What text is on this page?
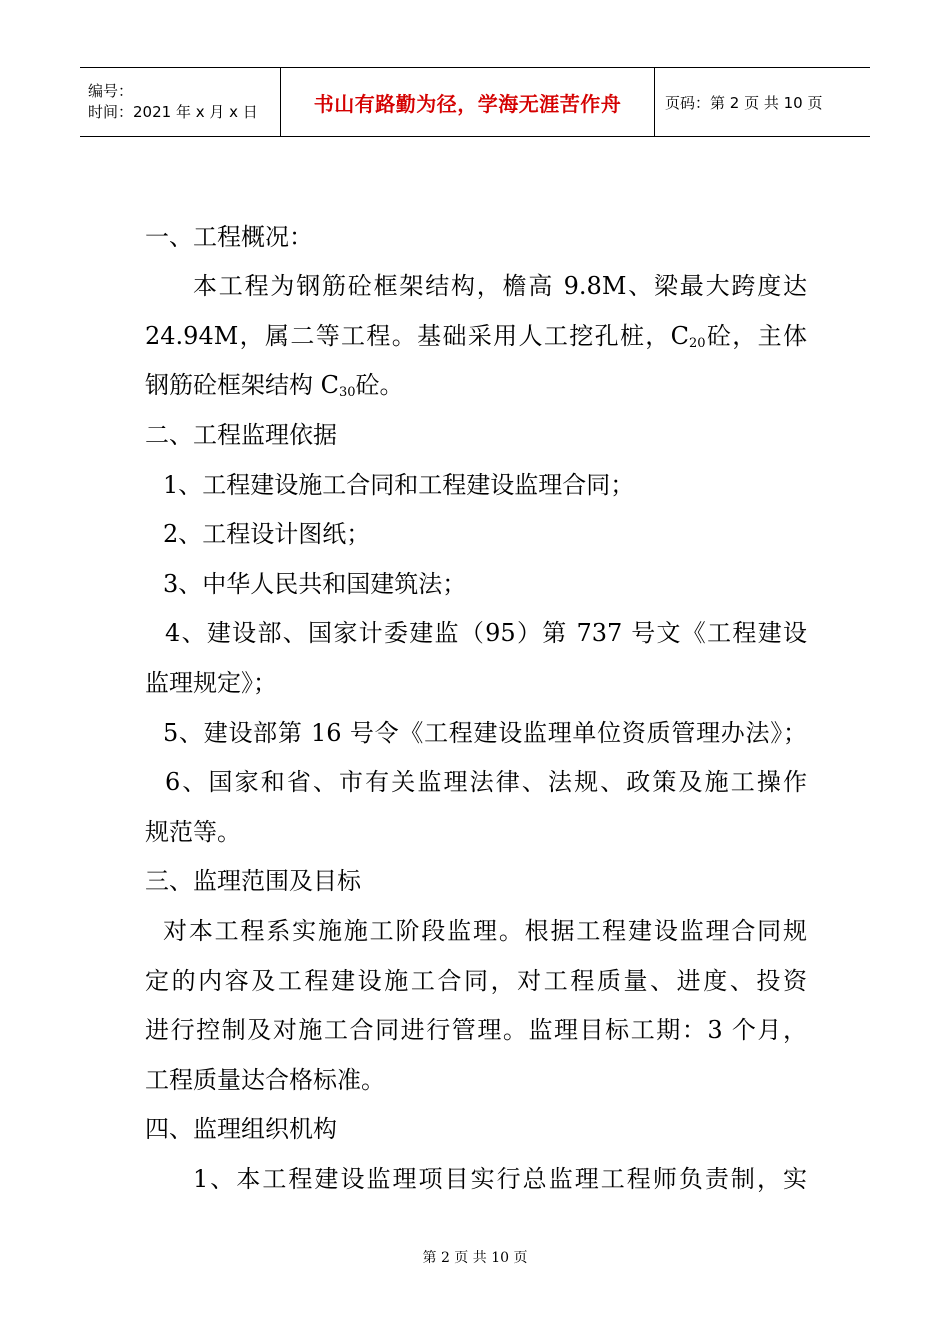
编号：
时间：2021 年 x 月 x 日	书山有路勤为径，学海无涯苦作舟	页码：第 2 页 共 10 页
一、工程概况：
本工程为钢筋砼框架结构，檐高 9.8M、梁最大跨度达
24.94M，属二等工程。基础采用人工挖孔桩，$C_{20}$砼，主体
钢筋砼框架结构 $C_{30}$砼。
二、工程监理依据
1、工程建设施工合同和工程建设监理合同；
2、工程设计图纸；
3、中华人民共和国建筑法；
4、建设部、国家计委建监（95）第 737 号文《工程建设
监理规定》；
5、建设部第 16 号令《工程建设监理单位资质管理办法》；
6、国家和省、市有关监理法律、法规、政策及施工操作
规范等。
三、监理范围及目标
对本工程系实施施工阶段监理。根据工程建设监理合同规
定的内容及工程建设施工合同，对工程质量、进度、投资
进行控制及对施工合同进行管理。监理目标工期：3 个月，
工程质量达合格标准。
四、监理组织机构
1、本工程建设监理项目实行总监理工程师负责制，实
第 2 页 共 10 页
